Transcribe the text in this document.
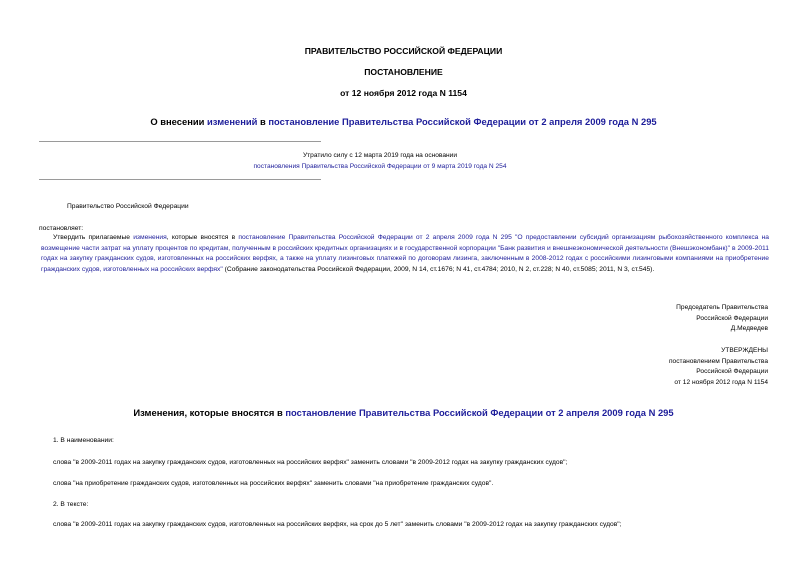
ПРАВИТЕЛЬСТВО РОССИЙСКОЙ ФЕДЕРАЦИИ
ПОСТАНОВЛЕНИЕ
от 12 ноября 2012 года N 1154
О внесении изменений в постановление Правительства Российской Федерации от 2 апреля 2009 года N 295
Утратило силу с 12 марта 2019 года на основании
постановления Правительства Российской Федерации от 9 марта 2019 года N 254
Правительство Российской Федерации
постановляет:
Утвердить прилагаемые изменения, которые вносятся в постановление Правительства Российской Федерации от 2 апреля 2009 года N 295 "О предоставлении субсидий организациям рыбохозяйственного комплекса на возмещение части затрат на уплату процентов по кредитам, полученным в российских кредитных организациях и в государственной корпорации "Банк развития и внешнеэкономической деятельности (Внешэкономбанк)" в 2009-2011 годах на закупку гражданских судов, изготовленных на российских верфях, а также на уплату лизинговых платежей по договорам лизинга, заключенным в 2008-2012 годах с российскими лизинговыми компаниями на приобретение гражданских судов, изготовленных на российских верфях" (Собрание законодательства Российской Федерации, 2009, N 14, ст.1676; N 41, ст.4784; 2010, N 2, ст.228; N 40, ст.5085; 2011, N 3, ст.545).
Председатель Правительства
Российской Федерации
Д.Медведев
УТВЕРЖДЕНЫ
постановлением Правительства
Российской Федерации
от 12 ноября 2012 года N 1154
Изменения, которые вносятся в постановление Правительства Российской Федерации от 2 апреля 2009 года N 295
1. В наименовании:
слова "в 2009-2011 годах на закупку гражданских судов, изготовленных на российских верфях" заменить словами "в 2009-2012 годах на закупку гражданских судов";
слова "на приобретение гражданских судов, изготовленных на российских верфях" заменить словами "на приобретение гражданских судов".
2. В тексте:
слова "в 2009-2011 годах на закупку гражданских судов, изготовленных на российских верфях, на срок до 5 лет" заменить словами "в 2009-2012 годах на закупку гражданских судов";
